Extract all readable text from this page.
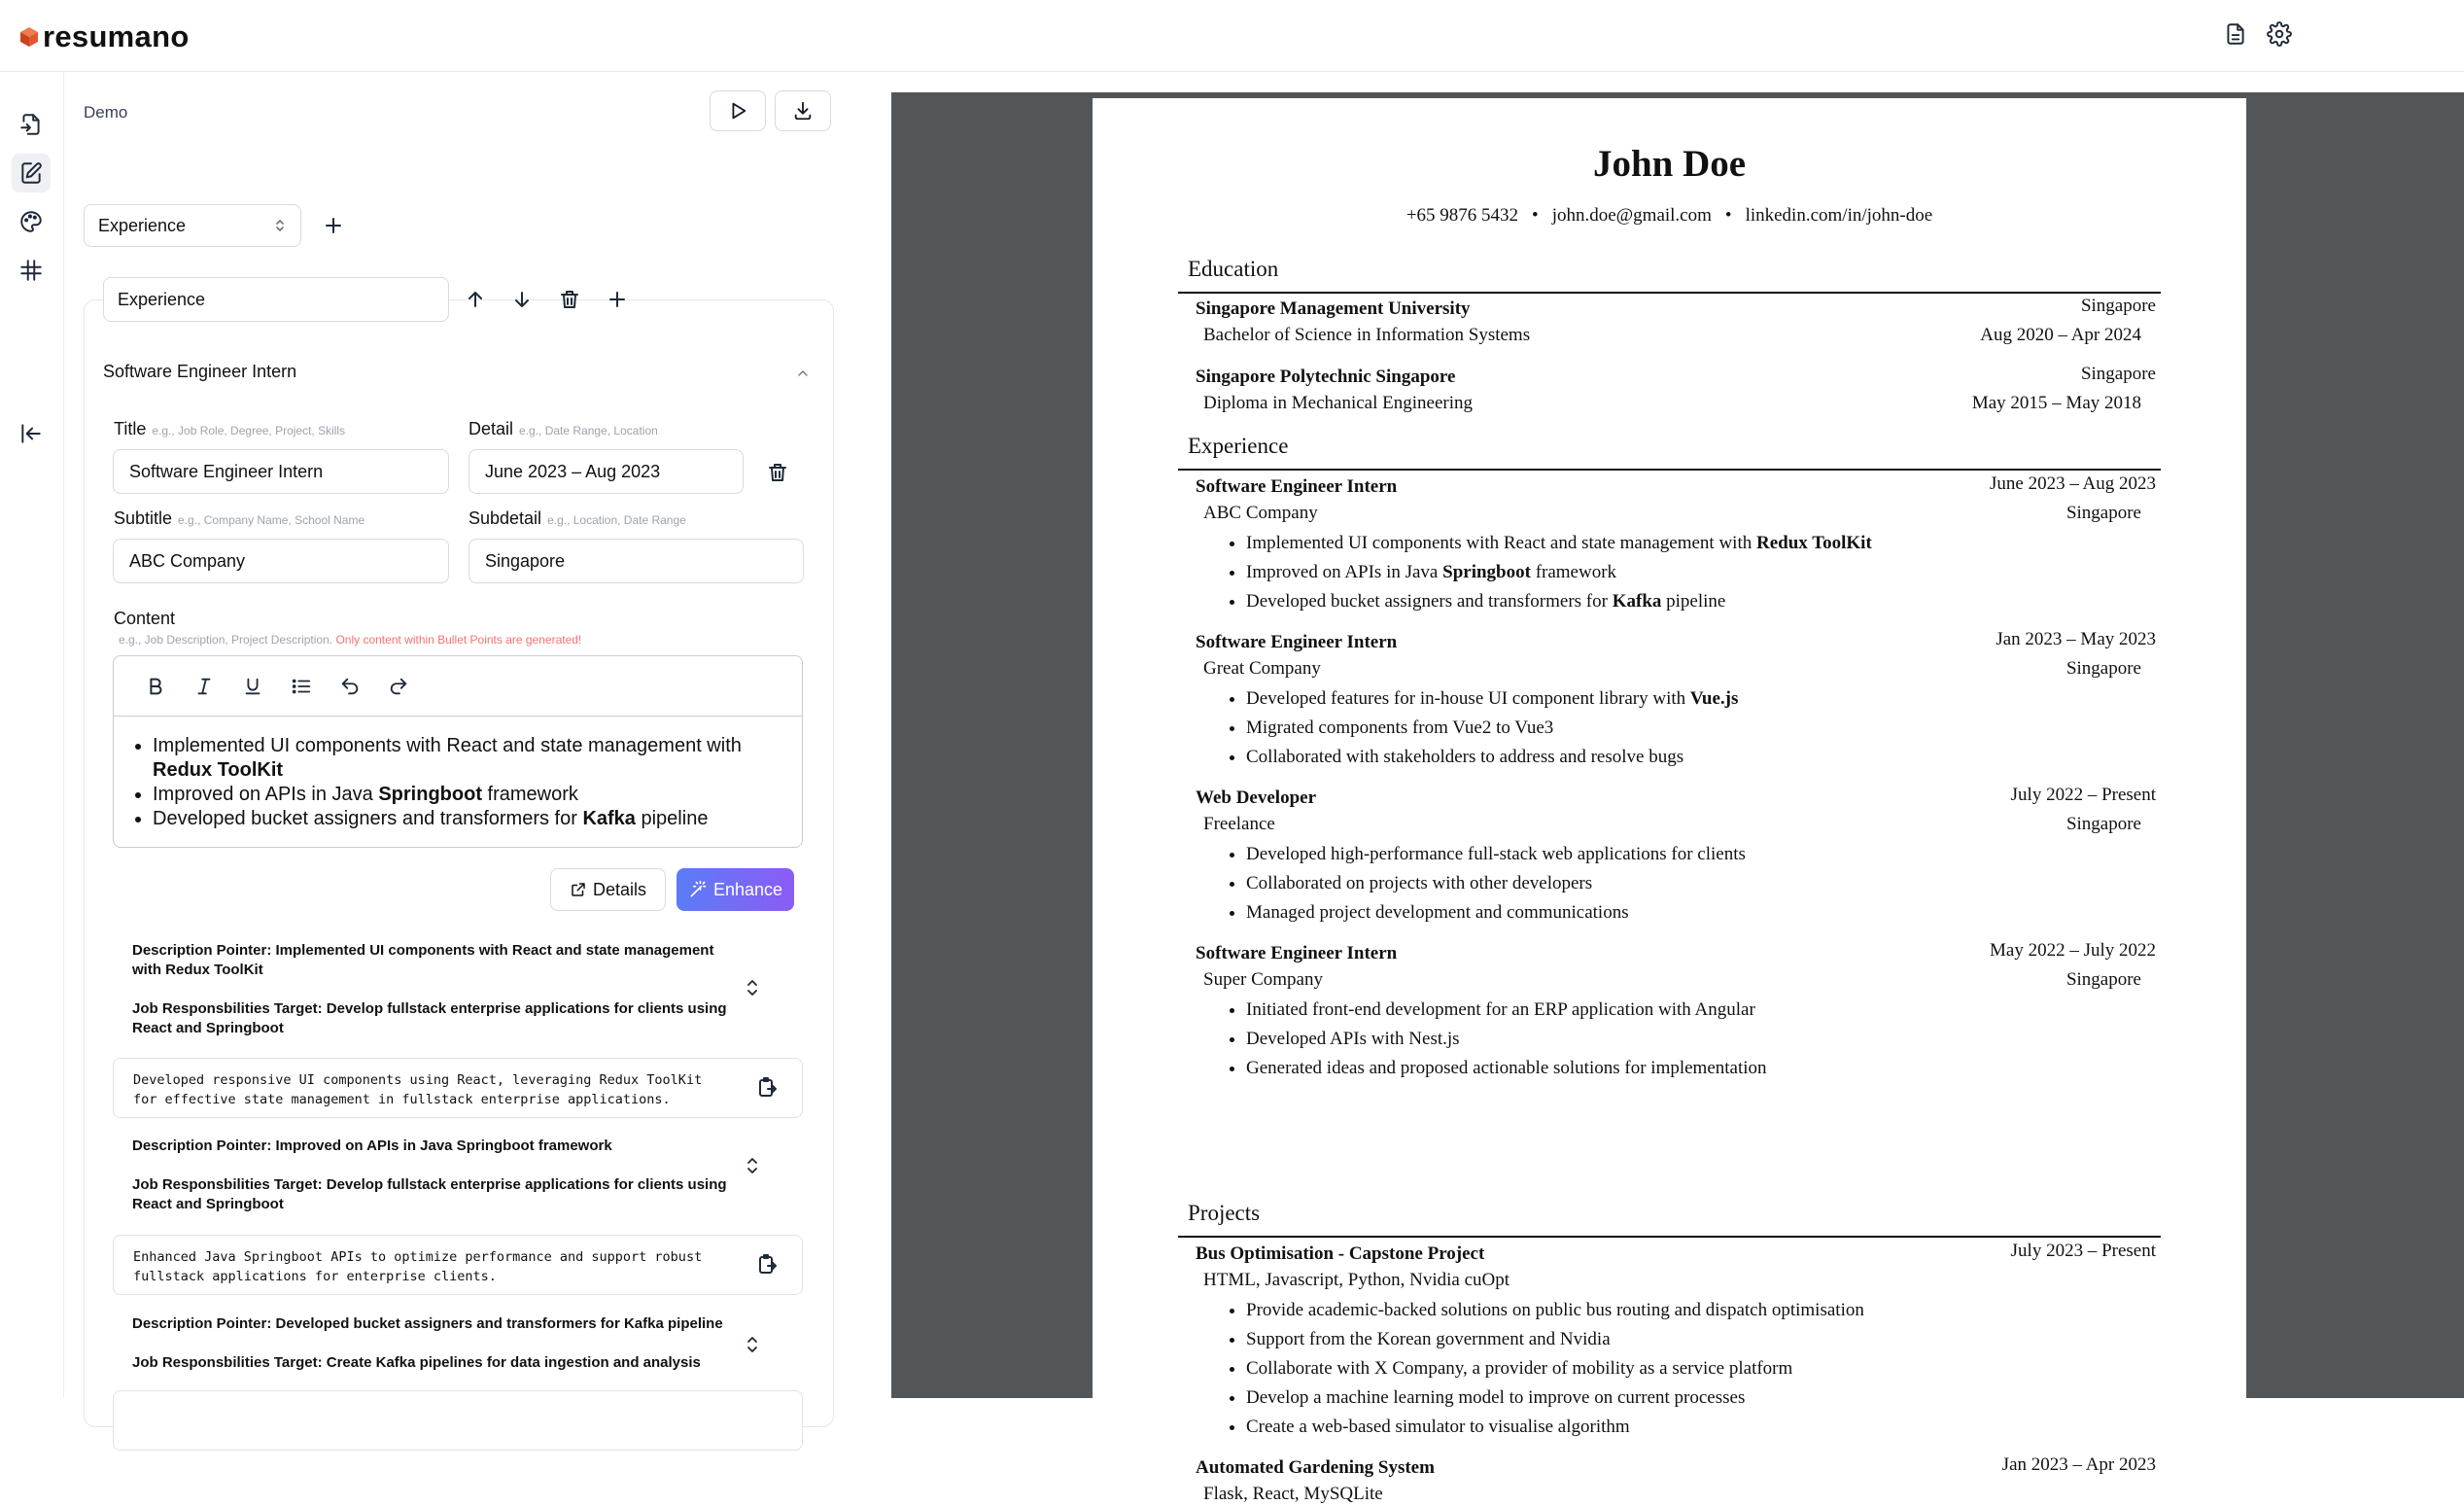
resumano
Demo
Experience
Experience
Software Engineer Intern
Title e.g., Job Role, Degree, Project, Skills
Software Engineer Intern
Detail e.g., Date Range, Location
June 2023 – Aug 2023
Subtitle e.g., Company Name, School Name
ABC Company
Subdetail e.g., Location, Date Range
Singapore
Content
e.g., Job Description, Project Description. Only content within Bullet Points are generated!
• Implemented UI components with React and state management with Redux ToolKit
• Improved on APIs in Java Springboot framework
• Developed bucket assigners and transformers for Kafka pipeline
Details	Enhance
Description Pointer: Implemented UI components with React and state management with Redux ToolKit
Job Responsbilities Target: Develop fullstack enterprise applications for clients using React and Springboot
Developed responsive UI components using React, leveraging Redux ToolKit for effective state management in fullstack enterprise applications.
Description Pointer: Improved on APIs in Java Springboot framework
Job Responsbilities Target: Develop fullstack enterprise applications for clients using React and Springboot
Enhanced Java Springboot APIs to optimize performance and support robust fullstack applications for enterprise clients.
Description Pointer: Developed bucket assigners and transformers for Kafka pipeline
Job Responsbilities Target: Create Kafka pipelines for data ingestion and analysis
John Doe
+65 9876 5432 • john.doe@gmail.com • linkedin.com/in/john-doe
Education
Singapore Management University	Singapore
Bachelor of Science in Information Systems	Aug 2020 – Apr 2024
Singapore Polytechnic Singapore	Singapore
Diploma in Mechanical Engineering	May 2015 – May 2018
Experience
Software Engineer Intern	June 2023 – Aug 2023
ABC Company	Singapore
• Implemented UI components with React and state management with Redux ToolKit
• Improved on APIs in Java Springboot framework
• Developed bucket assigners and transformers for Kafka pipeline
Software Engineer Intern	Jan 2023 – May 2023
Great Company	Singapore
• Developed features for in-house UI component library with Vue.js
• Migrated components from Vue2 to Vue3
• Collaborated with stakeholders to address and resolve bugs
Web Developer	July 2022 – Present
Freelance	Singapore
• Developed high-performance full-stack web applications for clients
• Collaborated on projects with other developers
• Managed project development and communications
Software Engineer Intern	May 2022 – July 2022
Super Company	Singapore
• Initiated front-end development for an ERP application with Angular
• Developed APIs with Nest.js
• Generated ideas and proposed actionable solutions for implementation
Projects
Bus Optimisation - Capstone Project	July 2023 – Present
HTML, Javascript, Python, Nvidia cuOpt
• Provide academic-backed solutions on public bus routing and dispatch optimisation
• Support from the Korean government and Nvidia
• Collaborate with X Company, a provider of mobility as a service platform
• Develop a machine learning model to improve on current processes
• Create a web-based simulator to visualise algorithm
Automated Gardening System	Jan 2023 – Apr 2023
Flask, React, MySQLite
